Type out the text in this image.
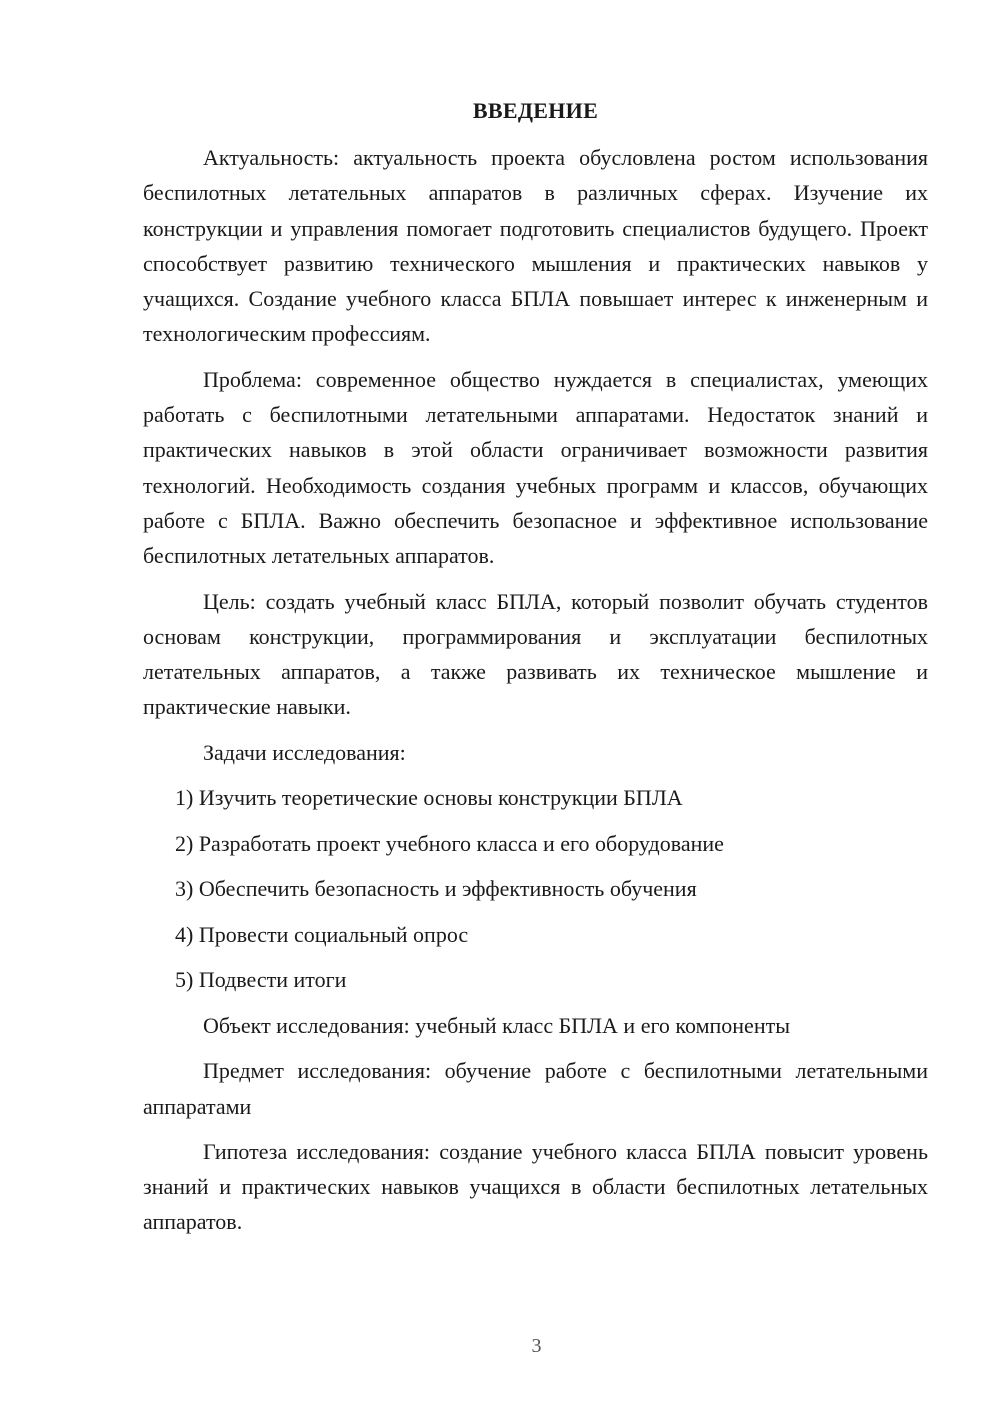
ВВЕДЕНИЕ

Актуальность: актуальность проекта обусловлена ростом использования беспилотных летательных аппаратов в различных сферах. Изучение их конструкции и управления помогает подготовить специалистов будущего. Проект способствует развитию технического мышления и практических навыков у учащихся. Создание учебного класса БПЛА повышает интерес к инженерным и технологическим профессиям.

Проблема: современное общество нуждается в специалистах, умеющих работать с беспилотными летательными аппаратами. Недостаток знаний и практических навыков в этой области ограничивает возможности развития технологий. Необходимость создания учебных программ и классов, обучающих работе с БПЛА. Важно обеспечить безопасное и эффективное использование беспилотных летательных аппаратов.

Цель: создать учебный класс БПЛА, который позволит обучать студентов основам конструкции, программирования и эксплуатации беспилотных летательных аппаратов, а также развивать их техническое мышление и практические навыки.

Задачи исследования:
1) Изучить теоретические основы конструкции БПЛА
2) Разработать проект учебного класса и его оборудование
3) Обеспечить безопасность и эффективность обучения
4) Провести социальный опрос
5) Подвести итоги
Объект исследования: учебный класс БПЛА и его компоненты

Предмет исследования: обучение работе с беспилотными летательными аппаратами

Гипотеза исследования: создание учебного класса БПЛА повысит уровень знаний и практических навыков учащихся в области беспилотных летательных аппаратов.

3
